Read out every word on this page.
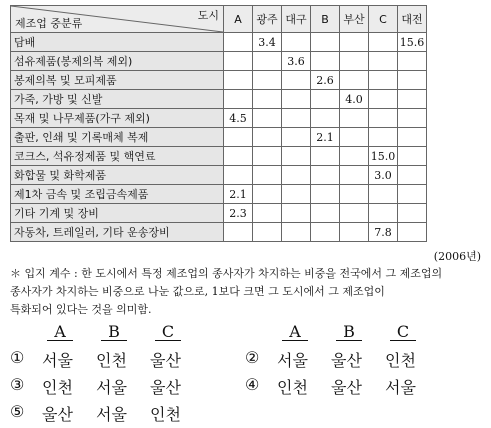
도시
제조업 중분류	A	광주	대구	B	부산	C	대전
담배		3.4					15.6
섬유제품(봉제의복 제외)			3.6				
봉제의복 및 모피제품				2.6			
가죽, 가방 및 신발					4.0		
목재 및 나무제품(가구 제외)	4.5						
출판, 인쇄 및 기록매체 복제				2.1			
코크스, 석유정제품 및 핵연료						15.0	
화합물 및 화학제품						3.0	
제1차 금속 및 조립금속제품	2.1						
기타 기계 및 장비	2.3						
자동차, 트레일러, 기타 운송장비						7.8	
(2006년)
＊ 입지 계수 : 한 도시에서 특정 제조업의 종사자가 차지하는 비중을 전국에서 그 제조업의
종사자가 차지하는 비중으로 나눈 값으로, 1보다 크면 그 도시에서 그 제조업이
특화되어 있다는 것을 의미함.
A	B	C	A	B	C
① 서울 인천 울산	② 서울 울산 인천
③ 인천 서울 울산	④ 인천 울산 서울
⑤ 울산 서울 인천
